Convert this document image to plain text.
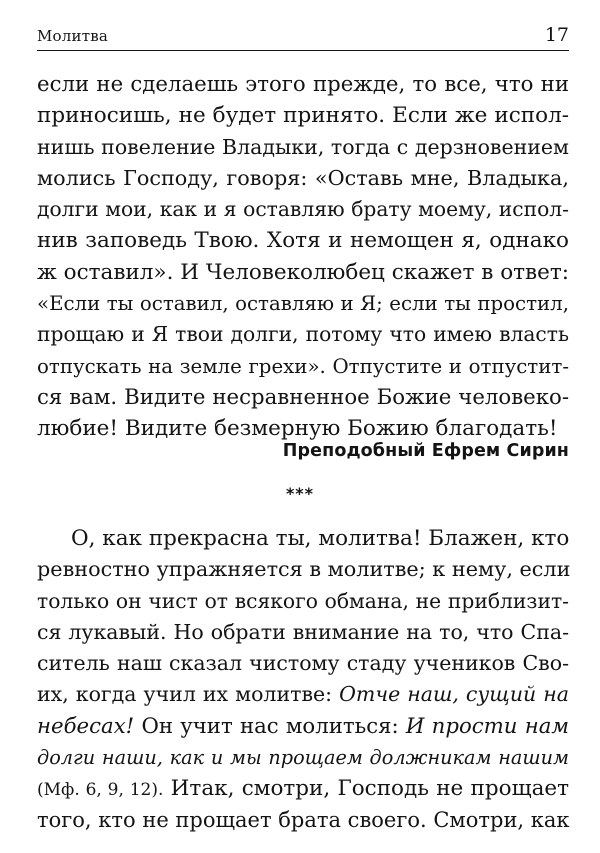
Молитва	17
если не сделаешь этого прежде, то все, что ни
приносишь, не будет принято. Если же испол-
нишь повеление Владыки, тогда с дерзновением
молись Господу, говоря: «Оставь мне, Владыка,
долги мои, как и я оставляю брату моему, испол-
нив заповедь Твою. Хотя и немощен я, однако
ж оставил». И Человеколюбец скажет в ответ:
«Если ты оставил, оставляю и Я; если ты простил,
прощаю и Я твои долги, потому что имею власть
отпускать на земле грехи». Отпустите и отпустит-
ся вам. Видите несравненное Божие человеко-
любие! Видите безмерную Божию благодать!
Преподобный Ефрем Сирин
***
О, как прекрасна ты, молитва! Блажен, кто
ревностно упражняется в молитве; к нему, если
только он чист от всякого обмана, не приблизит-
ся лукавый. Но обрати внимание на то, что Спа-
ситель наш сказал чистому стаду учеников Сво-
их, когда учил их молитве: Отче наш, сущий на
небесах! Он учит нас молиться: И прости нам
долги наши, как и мы прощаем должникам нашим
(Мф. 6, 9, 12). Итак, смотри, Господь не прощает
того, кто не прощает брата своего. Смотри, как
